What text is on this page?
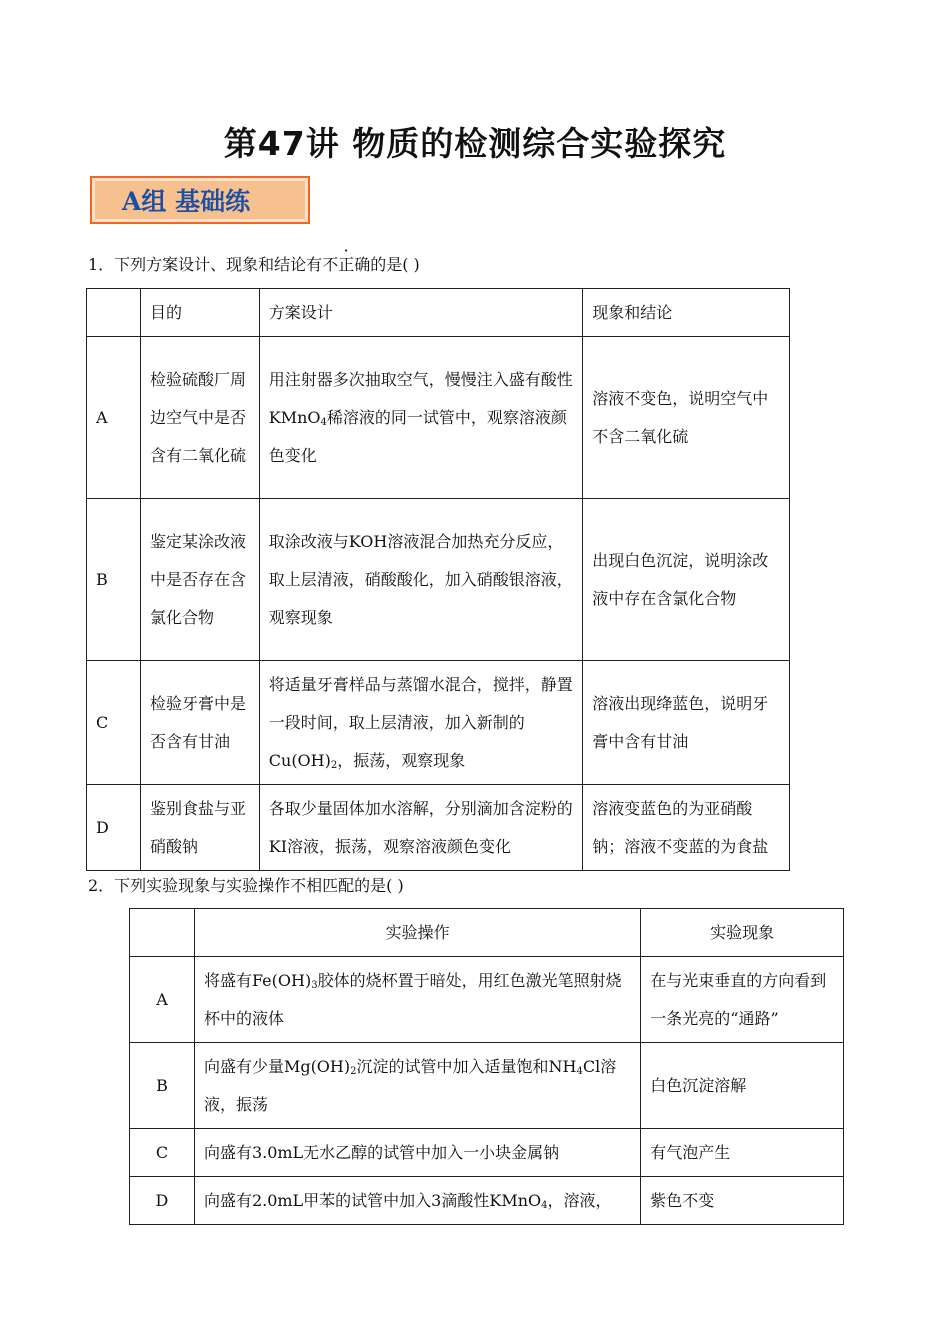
第47讲 物质的检测综合实验探究
A组 基础练
1．下列方案设计、现象和结论有不正确的是( )
	目的	方案设计	现象和结论
A	检验硫酸厂周边空气中是否含有二氧化硫	用注射器多次抽取空气，慢慢注入盛有酸性KMnO$_4$稀溶液的同一试管中，观察溶液颜色变化	溶液不变色，说明空气中不含二氧化硫
B	鉴定某涂改液中是否存在含氯化合物	取涂改液与KOH溶液混合加热充分反应，取上层清液，硝酸酸化，加入硝酸银溶液，观察现象	出现白色沉淀，说明涂改液中存在含氯化合物
C	检验牙膏中是否含有甘油	将适量牙膏样品与蒸馏水混合，搅拌，静置一段时间，取上层清液，加入新制的$Cu(OH)_2$，振荡，观察现象	溶液出现绛蓝色，说明牙膏中含有甘油
D	鉴别食盐与亚硝酸钠	各取少量固体加水溶解，分别滴加含淀粉的KI溶液，振荡，观察溶液颜色变化	溶液变蓝色的为亚硝酸钠；溶液不变蓝的为食盐
2．下列实验现象与实验操作不相匹配的是( )
	实验操作	实验现象
A	将盛有$Fe(OH)_3$胶体的烧杯置于暗处，用红色激光笔照射烧杯中的液体	在与光束垂直的方向看到一条光亮的“通路”
B	向盛有少量$Mg(OH)_2$沉淀的试管中加入适量饱和$NH_4Cl$溶液，振荡	白色沉淀溶解
C	向盛有3.0mL无水乙醇的试管中加入一小块金属钠	有气泡产生
D	向盛有2.0mL甲苯的试管中加入3滴酸性KMnO$_4$，溶液，	紫色不变
